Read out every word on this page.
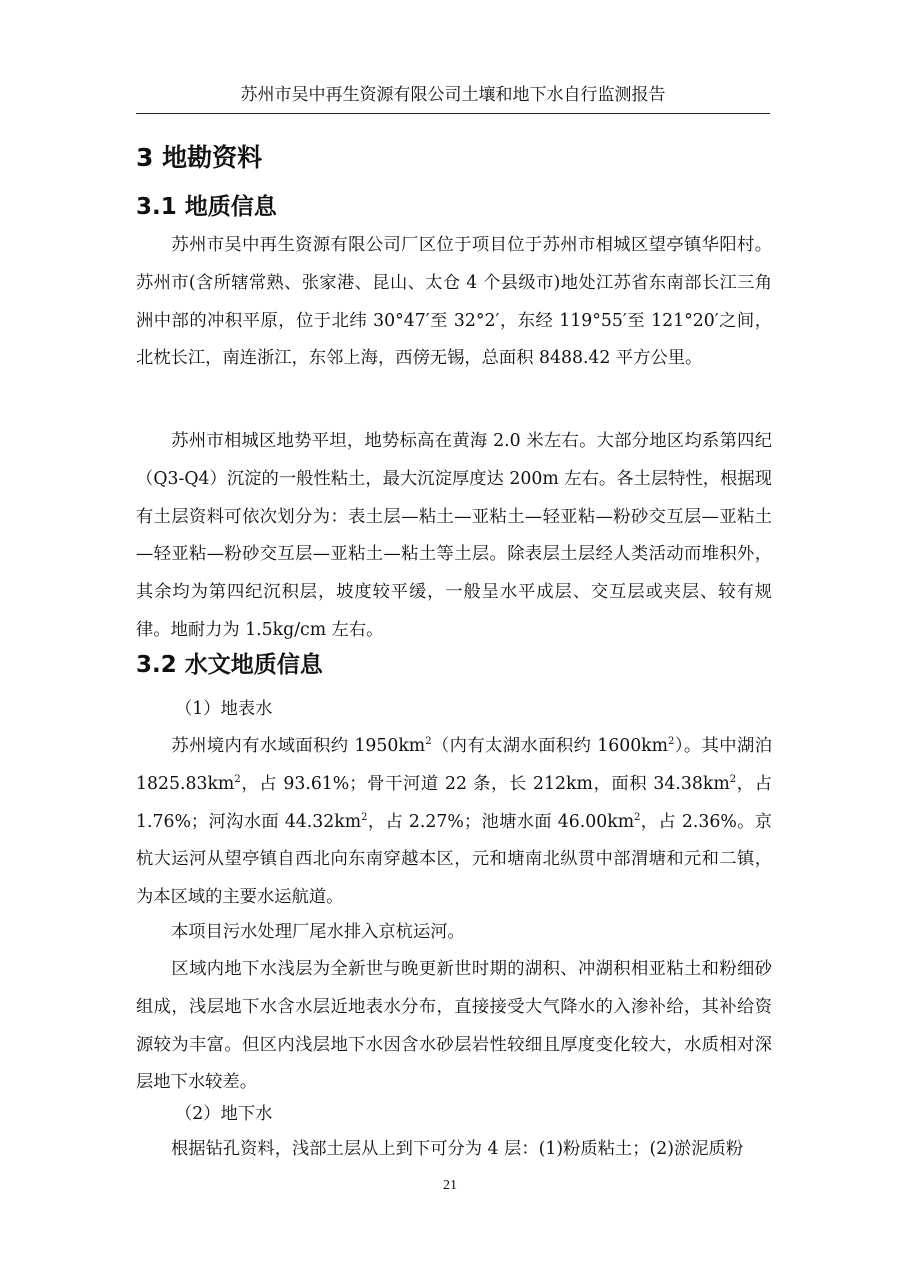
苏州市吴中再生资源有限公司土壤和地下水自行监测报告
3 地勘资料
3.1 地质信息

苏州市吴中再生资源有限公司厂区位于项目位于苏州市相城区望亭镇华阳村。苏州市(含所辖常熟、张家港、昆山、太仓 4 个县级市)地处江苏省东南部长江三角洲中部的冲积平原，位于北纬 30°47′至 32°2′，东经 119°55′至 121°20′之间，北枕长江，南连浙江，东邻上海，西傍无锡，总面积 8488.42 平方公里。

苏州市相城区地势平坦，地势标高在黄海 2.0 米左右。大部分地区均系第四纪（Q3-Q4）沉淀的一般性粘土，最大沉淀厚度达 200m 左右。各土层特性，根据现有土层资料可依次划分为：表土层—粘土—亚粘土—轻亚粘—粉砂交互层—亚粘土—轻亚粘—粉砂交互层—亚粘土—粘土等土层。除表层土层经人类活动而堆积外，其余均为第四纪沉积层，坡度较平缓，一般呈水平成层、交互层或夹层、较有规律。地耐力为 1.5kg/cm 左右。

3.2 水文地质信息
（1）地表水

苏州境内有水域面积约 $1950km^2$（内有太湖水面积约 $1600km^2$）。其中湖泊 $1825.83km^2$，占 93.61%；骨干河道 22 条，长 212km，面积 $34.38km^2$，占 1.76%；河沟水面 $44.32km^2$，占 2.27%；池塘水面 $46.00km^2$，占 2.36%。京杭大运河从望亭镇自西北向东南穿越本区，元和塘南北纵贯中部渭塘和元和二镇，为本区域的主要水运航道。

本项目污水处理厂尾水排入京杭运河。

区域内地下水浅层为全新世与晚更新世时期的湖积、冲湖积相亚粘土和粉细砂组成，浅层地下水含水层近地表水分布，直接接受大气降水的入渗补给，其补给资源较为丰富。但区内浅层地下水因含水砂层岩性较细且厚度变化较大，水质相对深层地下水较差。

（2）地下水

根据钻孔资料，浅部土层从上到下可分为 4 层：(1)粉质粘土；(2)淤泥质粉

21
